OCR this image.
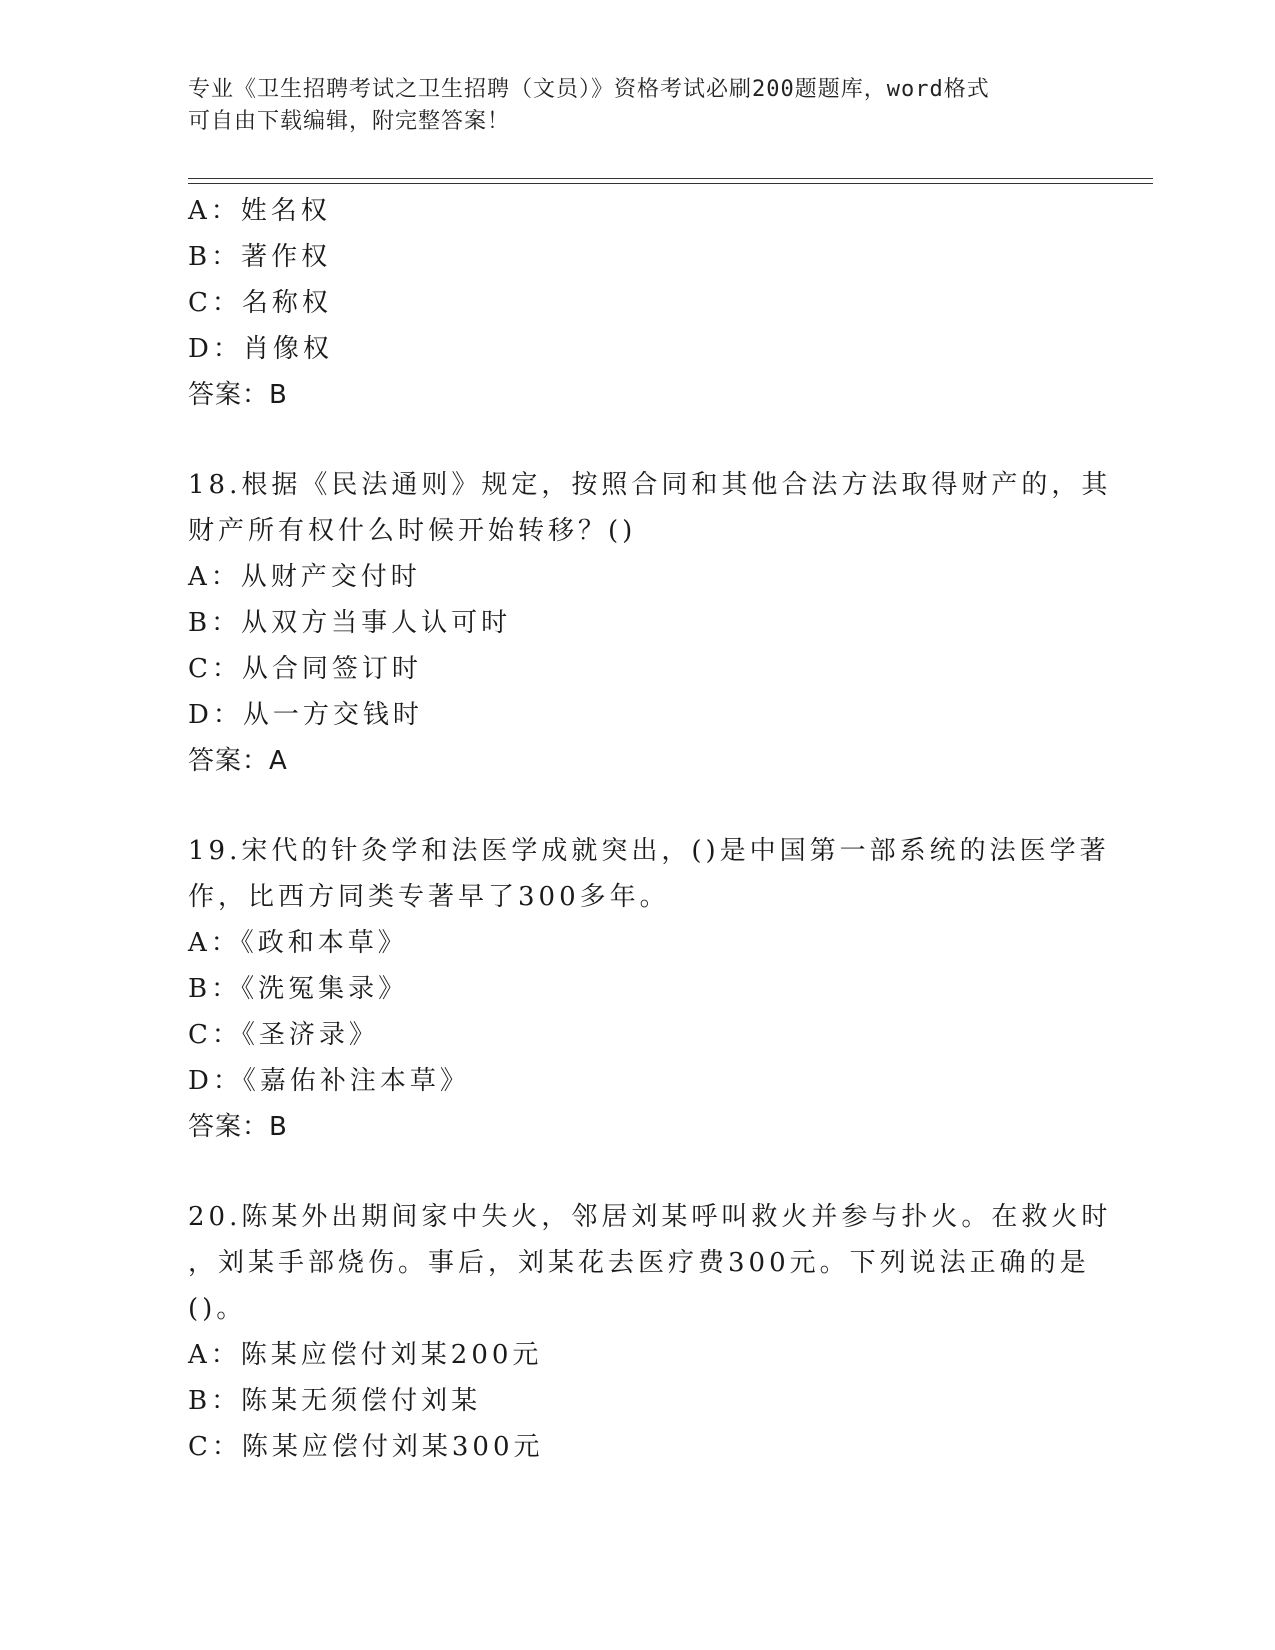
专业《卫生招聘考试之卫生招聘（文员）》资格考试必刷200题题库，word格式
可自由下载编辑，附完整答案！
A：姓名权
B：著作权
C：名称权
D：肖像权
答案：B
18.根据《民法通则》规定，按照合同和其他合法方法取得财产的，其
财产所有权什么时候开始转移？()
A：从财产交付时
B：从双方当事人认可时
C：从合同签订时
D：从一方交钱时
答案：A
19.宋代的针灸学和法医学成就突出，()是中国第一部系统的法医学著
作，比西方同类专著早了300多年。
A：《政和本草》
B：《洗冤集录》
C：《圣济录》
D：《嘉佑补注本草》
答案：B
20.陈某外出期间家中失火，邻居刘某呼叫救火并参与扑火。在救火时
，刘某手部烧伤。事后，刘某花去医疗费300元。下列说法正确的是
()。
A：陈某应偿付刘某200元
B：陈某无须偿付刘某
C：陈某应偿付刘某300元
